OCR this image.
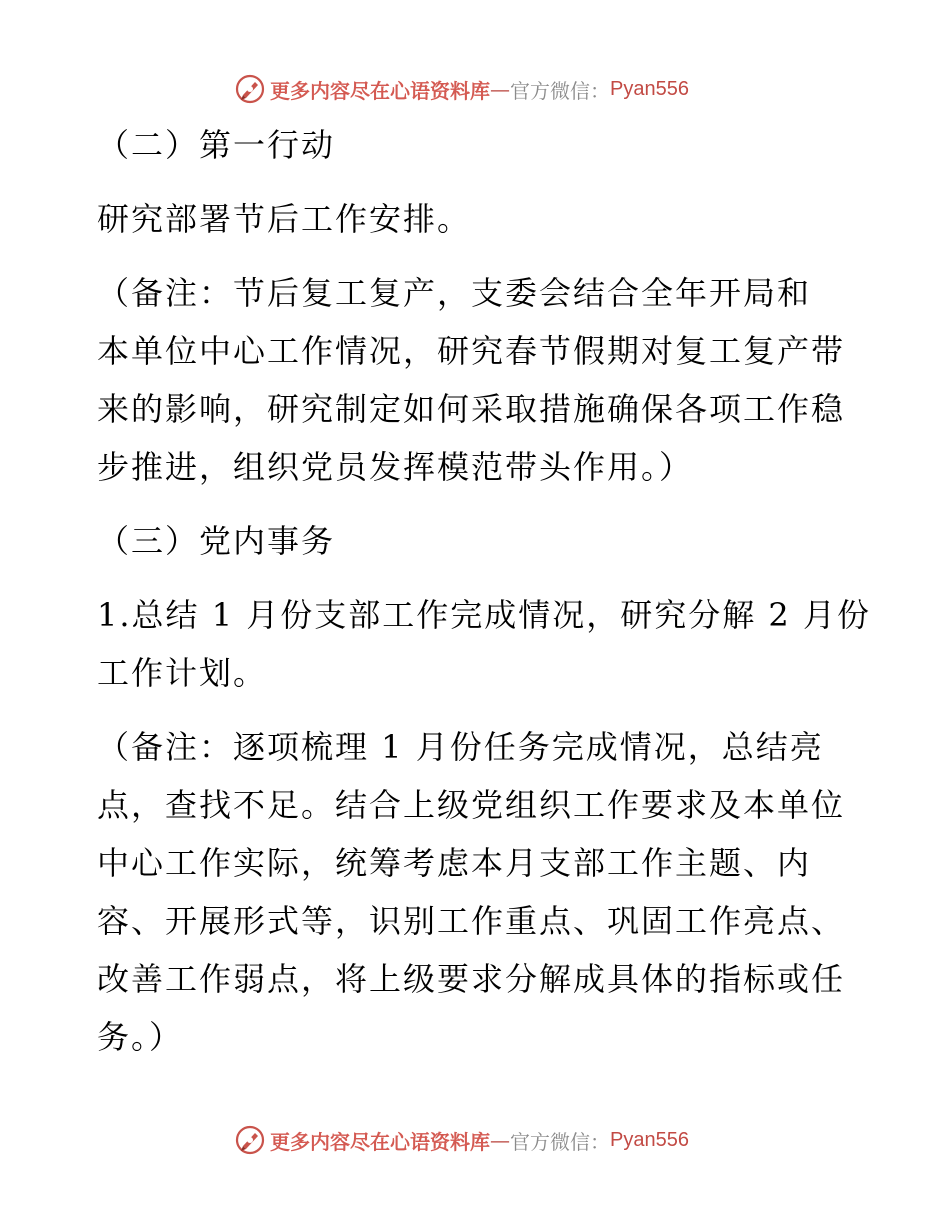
更多内容尽在心语资料库 — 官方微信： Pyan556
（二）第一行动
研究部署节后工作安排。
（备注：节后复工复产，支委会结合全年开局和
本单位中心工作情况，研究春节假期对复工复产带
来的影响，研究制定如何采取措施确保各项工作稳
步推进，组织党员发挥模范带头作用。）
（三）党内事务
1.总结 1 月份支部工作完成情况，研究分解 2 月份
工作计划。
（备注：逐项梳理 1 月份任务完成情况，总结亮
点，查找不足。结合上级党组织工作要求及本单位
中心工作实际，统筹考虑本月支部工作主题、内
容、开展形式等，识别工作重点、巩固工作亮点、
改善工作弱点，将上级要求分解成具体的指标或任
务。）
更多内容尽在心语资料库 — 官方微信： Pyan556
